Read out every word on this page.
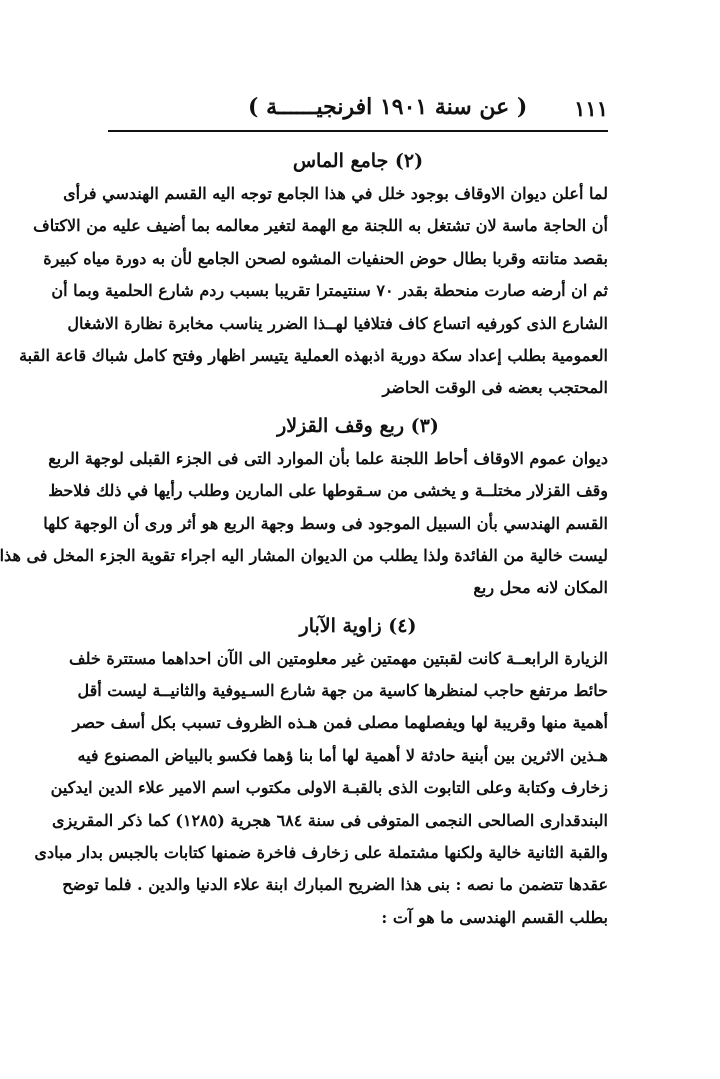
١١١
( عن سنة ١٩٠١ افرنجيــــــة )
(٢) جامع الماس
لما أعلن ديوان الاوقاف بوجود خلل في هذا الجامع توجه اليه القسم الهندسي فرأى
أن الحاجة ماسة لان تشتغل به اللجنة مع الهمة لتغير معالمه بما أضيف عليه من الاكتاف
بقصد متانته وقربا بطال حوض الحنفيات المشوه لصحن الجامع لأن به دورة مياه كبيرة
ثم ان أرضه صارت منحطة بقدر ٧٠ سنتيمترا تقريبا بسبب ردم شارع الحلمية وبما أن
الشارع الذى كورفيه اتساع كاف فتلافيا لهــذا الضرر يناسب مخابرة نظارة الاشغال
العمومية بطلب إعداد سكة دورية اذبهذه العملية يتيسر اظهار وفتح كامل شباك قاعة القبة
المحتجب بعضه فى الوقت الحاضر
(٣) ربع وقف القزلار
ديوان عموم الاوقاف أحاط اللجنة علما بأن الموارد التى فى الجزء القبلى لوجهة الربع
وقف القزلار مختلــة و يخشى من سـقوطها على المارين وطلب رأيها في ذلك فلاحظ
القسم الهندسي بأن السبيل الموجود فى وسط وجهة الربع هو أثر ورى أن الوجهة كلها
ليست خالية من الفائدة ولذا يطلب من الديوان المشار اليه اجراء تقوية الجزء المخل فى هذا
المكان لانه محل ربع
(٤) زاوية الآبار
الزيارة الرابعــة كانت لقبتين مهمتين غير معلومتين الى الآن احداهما مستترة خلف
حائط مرتفع حاجب لمنظرها كاسية من جهة شارع السـيوفية والثانيــة ليست أقل
أهمية منها وقريبة لها ويفصلهما مصلى فمن هـذه الظروف تسبب بكل أسف حصر
هـذين الاثرين بين أبنية حادثة لا أهمية لها أما بنا ؤهما فكسو بالبياض المصنوع فيه
زخارف وكتابة وعلى التابوت الذى بالقبـة الاولى مكتوب اسم الامير علاء الدين ايدكين
البندقدارى الصالحى النجمى المتوفى فى سنة ٦٨٤ هجرية (١٢٨٥) كما ذكر المقريزى
والقبة الثانية خالية ولكنها مشتملة على زخارف فاخرة ضمنها كتابات بالجبس بدار مبادى
عقدها تتضمن ما نصه : بنى هذا الضريح المبارك ابنة علاء الدنيا والدين . فلما توضح
بطلب القسم الهندسى ما هو آت :
